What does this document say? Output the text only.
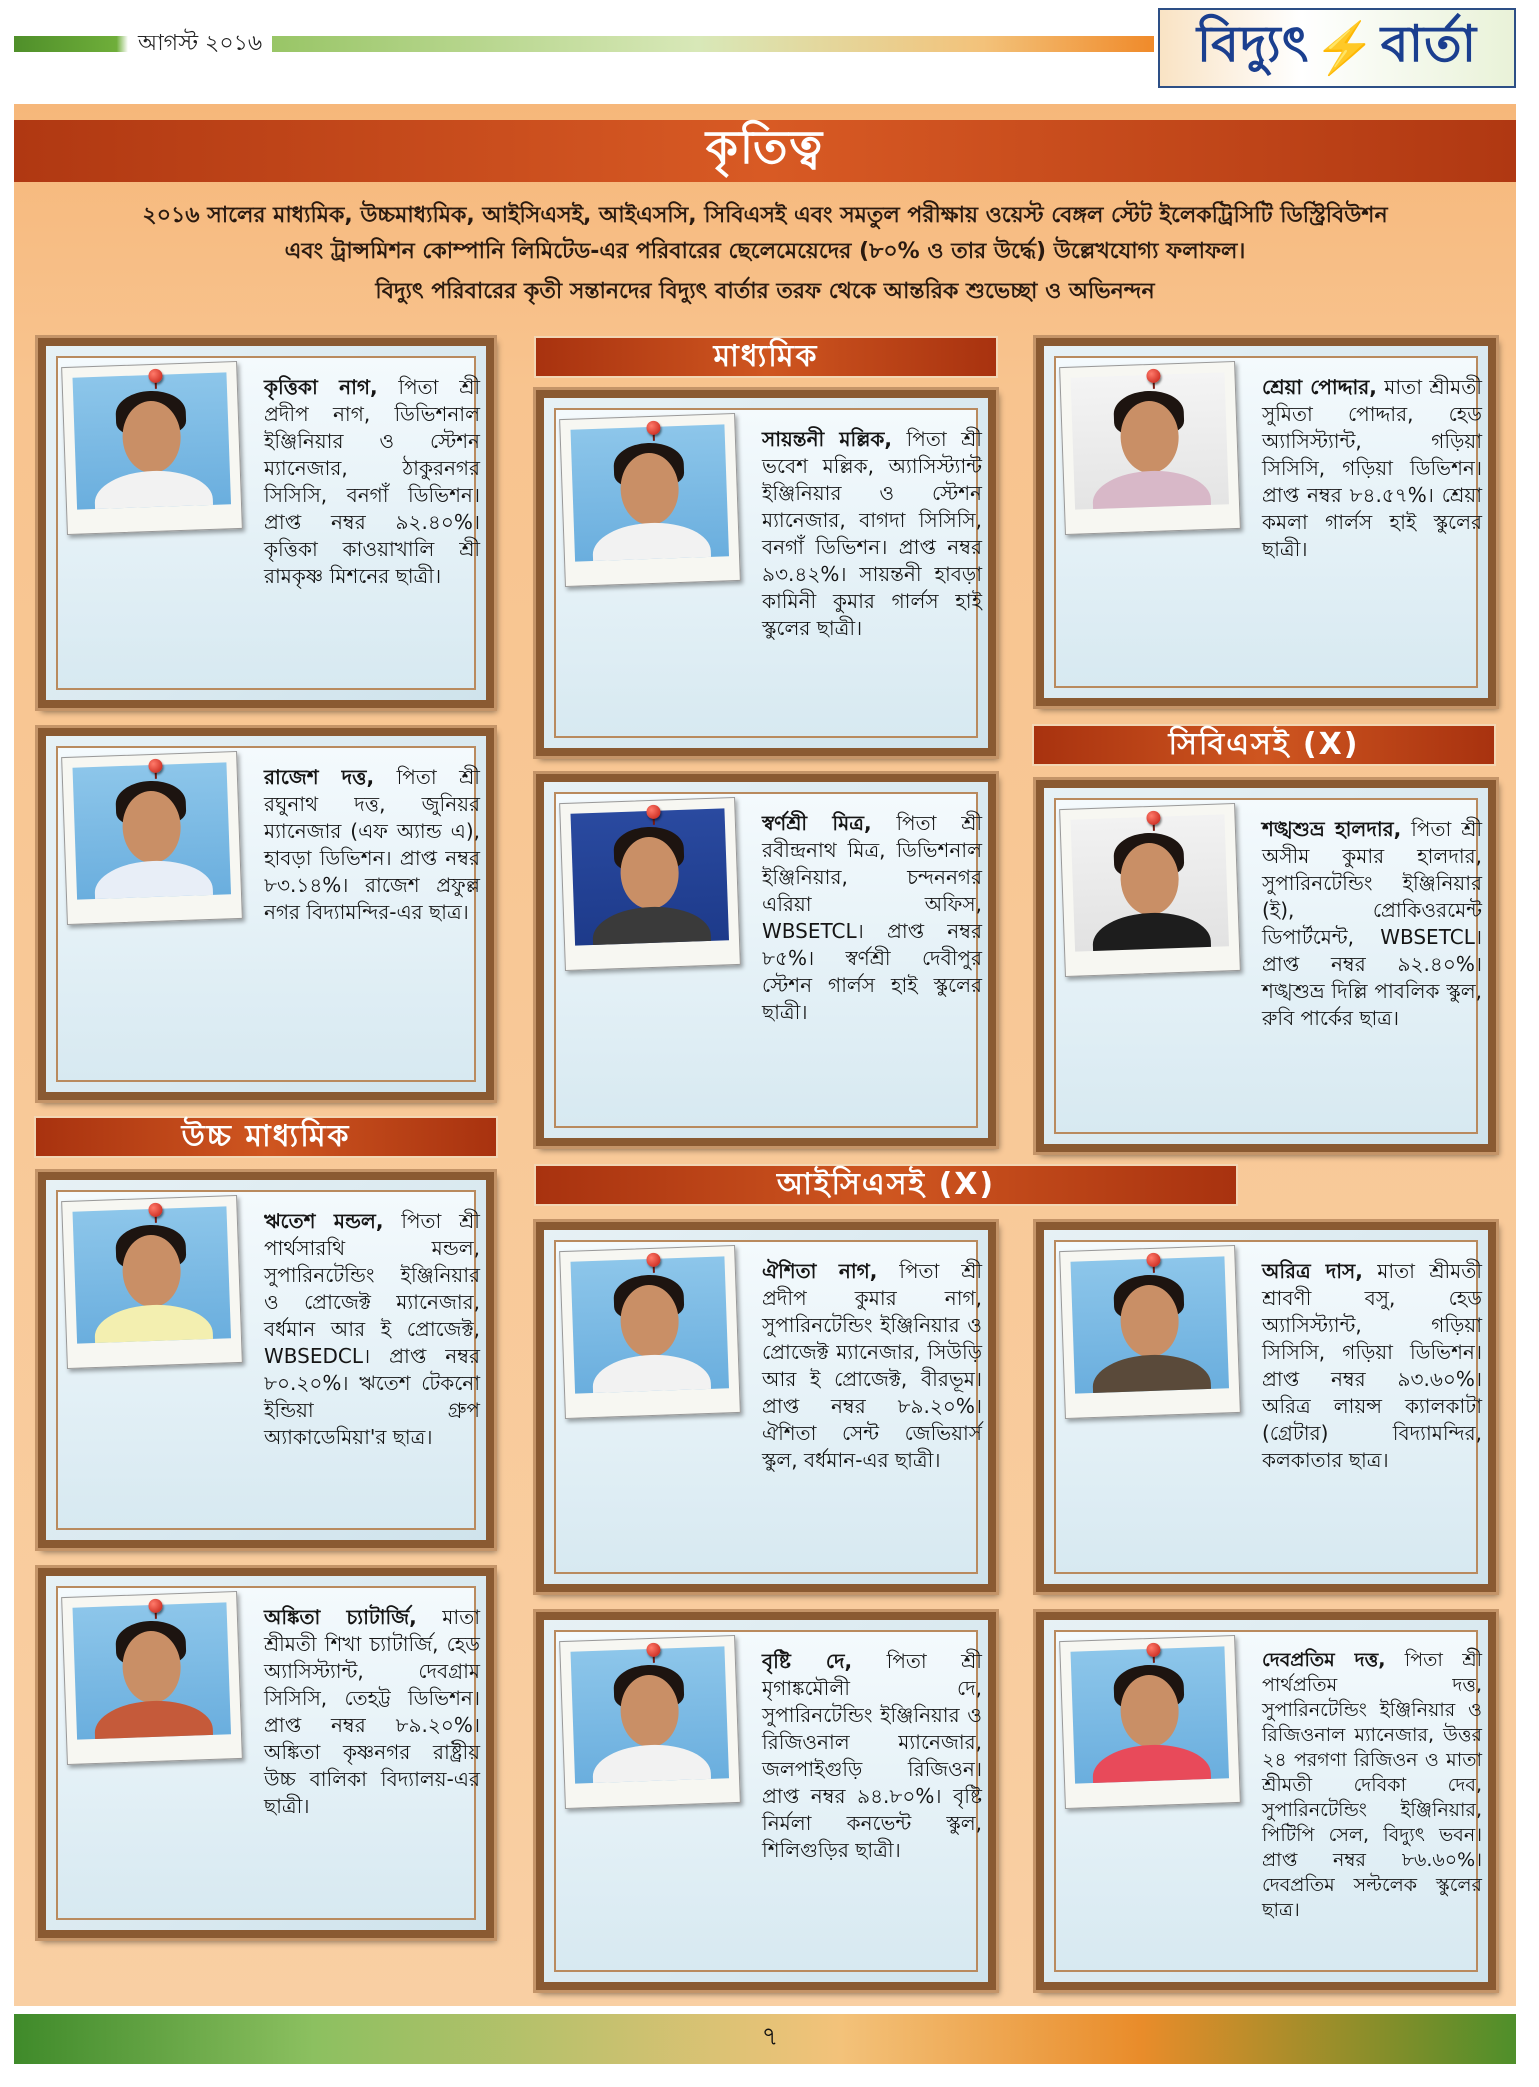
আগস্ট ২০১৬	বিদ্যুৎ ⚡ বার্তা
কৃতিত্ব

২০১৬ সালের মাধ্যমিক, উচ্চমাধ্যমিক, আইসিএসই, আইএসসি, সিবিএসই এবং সমতুল পরীক্ষায় ওয়েস্ট বেঙ্গল স্টেট ইলেকট্রিসিটি ডিস্ট্রিবিউশন

এবং ট্রান্সমিশন কোম্পানি লিমিটেড-এর পরিবারের ছেলেমেয়েদের (৮০% ও তার উর্দ্ধে) উল্লেখযোগ্য ফলাফল।

বিদ্যুৎ পরিবারের কৃতী সন্তানদের বিদ্যুৎ বার্তার তরফ থেকে আন্তরিক শুভেচ্ছা ও অভিনন্দন

মাধ্যমিক
উচ্চ মাধ্যমিক
সিবিএসই (X)
আইসিএসই (X)
কৃত্তিকা নাগ, পিতা শ্রী প্রদীপ নাগ, ডিভিশনাল ইঞ্জিনিয়ার ও স্টেশন ম্যানেজার, ঠাকুরনগর সিসিসি, বনগাঁ ডিভিশন। প্রাপ্ত নম্বর ৯২.৪০%। কৃত্তিকা কাওয়াখালি শ্রী রামকৃষ্ণ মিশনের ছাত্রী।
রাজেশ দত্ত, পিতা শ্রী রঘুনাথ দত্ত, জুনিয়র ম্যানেজার (এফ অ্যান্ড এ), হাবড়া ডিভিশন। প্রাপ্ত নম্বর ৮৩.১৪%। রাজেশ প্রফুল্ল নগর বিদ্যামন্দির-এর ছাত্র।
ঋতেশ মন্ডল, পিতা শ্রী পার্থসারথি মন্ডল, সুপারিনটেন্ডিং ইঞ্জিনিয়ার ও প্রোজেক্ট ম্যানেজার, বর্ধমান আর ই প্রোজেক্ট, WBSEDCL। প্রাপ্ত নম্বর ৮০.২০%। ঋতেশ টেকনো ইন্ডিয়া গ্রুপ অ্যাকাডেমিয়া'র ছাত্র।
অঙ্কিতা চ্যাটার্জি, মাতা শ্রীমতী শিখা চ্যাটার্জি, হেড অ্যাসিস্ট্যান্ট, দেবগ্রাম সিসিসি, তেহট্ট ডিভিশন। প্রাপ্ত নম্বর ৮৯.২০%। অঙ্কিতা কৃষ্ণনগর রাষ্ট্রীয় উচ্চ বালিকা বিদ্যালয়-এর ছাত্রী।
সায়ন্তনী মল্লিক, পিতা শ্রী ভবেশ মল্লিক, অ্যাসিস্ট্যান্ট ইঞ্জিনিয়ার ও স্টেশন ম্যানেজার, বাগদা সিসিসি, বনগাঁ ডিভিশন। প্রাপ্ত নম্বর ৯৩.৪২%। সায়ন্তনী হাবড়া কামিনী কুমার গার্লস হাই স্কুলের ছাত্রী।
স্বর্ণশ্রী মিত্র, পিতা শ্রী রবীন্দ্রনাথ মিত্র, ডিভিশনাল ইঞ্জিনিয়ার, চন্দননগর এরিয়া অফিস, WBSETCL। প্রাপ্ত নম্বর ৮৫%। স্বর্ণশ্রী দেবীপুর স্টেশন গার্লস হাই স্কুলের ছাত্রী।
ঐশিতা নাগ, পিতা শ্রী প্রদীপ কুমার নাগ, সুপারিনটেন্ডিং ইঞ্জিনিয়ার ও প্রোজেক্ট ম্যানেজার, সিউড়ি আর ই প্রোজেক্ট, বীরভূম। প্রাপ্ত নম্বর ৮৯.২০%। ঐশিতা সেন্ট জেভিয়ার্স স্কুল, বর্ধমান-এর ছাত্রী।
বৃষ্টি দে, পিতা শ্রী মৃগাঙ্কমৌলী দে, সুপারিনটেন্ডিং ইঞ্জিনিয়ার ও রিজিওনাল ম্যানেজার, জলপাইগুড়ি রিজিওন। প্রাপ্ত নম্বর ৯৪.৮০%। বৃষ্টি নির্মলা কনভেন্ট স্কুল, শিলিগুড়ির ছাত্রী।
শ্রেয়া পোদ্দার, মাতা শ্রীমতী সুমিতা পোদ্দার, হেড অ্যাসিস্ট্যান্ট, গড়িয়া সিসিসি, গড়িয়া ডিভিশন। প্রাপ্ত নম্বর ৮৪.৫৭%। শ্রেয়া কমলা গার্লস হাই স্কুলের ছাত্রী।
শঙ্খশুভ্র হালদার, পিতা শ্রী অসীম কুমার হালদার, সুপারিনটেন্ডিং ইঞ্জিনিয়ার (ই), প্রোকিওরমেন্ট ডিপার্টমেন্ট, WBSETCL। প্রাপ্ত নম্বর ৯২.৪০%। শঙ্খশুভ্র দিল্লি পাবলিক স্কুল, রুবি পার্কের ছাত্র।
অরিত্র দাস, মাতা শ্রীমতী শ্রাবণী বসু, হেড অ্যাসিস্ট্যান্ট, গড়িয়া সিসিসি, গড়িয়া ডিভিশন। প্রাপ্ত নম্বর ৯৩.৬০%। অরিত্র লায়ন্স ক্যালকাটা (গ্রেটার) বিদ্যামন্দির, কলকাতার ছাত্র।
দেবপ্রতিম দত্ত, পিতা শ্রী পার্থপ্রতিম দত্ত, সুপারিনটেন্ডিং ইঞ্জিনিয়ার ও রিজিওনাল ম্যানেজার, উত্তর ২৪ পরগণা রিজিওন ও মাতা শ্রীমতী দেবিকা দেব, সুপারিনটেন্ডিং ইঞ্জিনিয়ার, পিটিপি সেল, বিদ্যুৎ ভবন। প্রাপ্ত নম্বর ৮৬.৬০%। দেবপ্রতিম সল্টলেক স্কুলের ছাত্র।
৭
